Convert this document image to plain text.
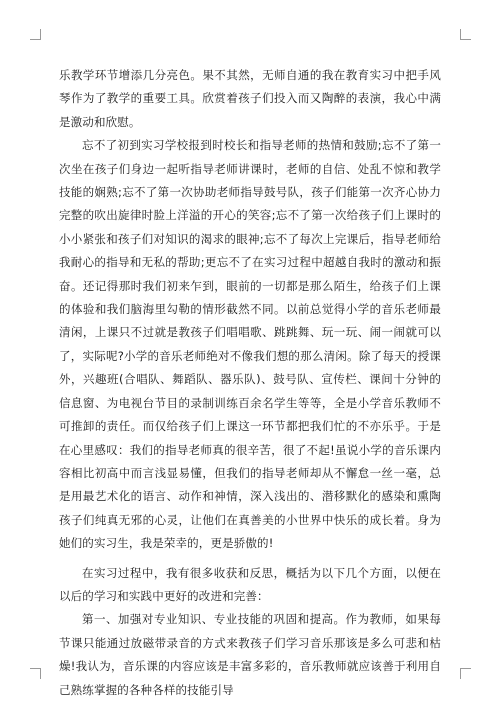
乐教学环节增添几分亮色。果不其然，无师自通的我在教育实习中把手风琴作为了教学的重要工具。欣赏着孩子们投入而又陶醉的表演，我心中满是激动和欣慰。

忘不了初到实习学校报到时校长和指导老师的热情和鼓励;忘不了第一次坐在孩子们身边一起听指导老师讲课时，老师的自信、处乱不惊和教学技能的娴熟;忘不了第一次协助老师指导鼓号队，孩子们能第一次齐心协力完整的吹出旋律时脸上洋溢的开心的笑容;忘不了第一次给孩子们上课时的小小紧张和孩子们对知识的渴求的眼神;忘不了每次上完课后，指导老师给我耐心的指导和无私的帮助;更忘不了在实习过程中超越自我时的激动和振奋。还记得那时我们初来乍到，眼前的一切都是那么陌生，给孩子们上课的体验和我们脑海里勾勒的情形截然不同。以前总觉得小学的音乐老师最清闲，上课只不过就是教孩子们唱唱歌、跳跳舞、玩一玩、闹一闹就可以了，实际呢?小学的音乐老师绝对不像我们想的那么清闲。除了每天的授课外，兴趣班(合唱队、舞蹈队、器乐队)、鼓号队、宣传栏、课间十分钟的信息窗、为电视台节目的录制训练百余名学生等等，全是小学音乐教师不可推卸的责任。而仅给孩子们上课这一环节都把我们忙的不亦乐乎。于是在心里感叹：我们的指导老师真的很辛苦，很了不起!虽说小学的音乐课内容相比初高中而言浅显易懂，但我们的指导老师却从不懈怠一丝一毫，总是用最艺术化的语言、动作和神情，深入浅出的、潜移默化的感染和熏陶孩子们纯真无邪的心灵，让他们在真善美的小世界中快乐的成长着。身为她们的实习生，我是荣幸的，更是骄傲的!

在实习过程中，我有很多收获和反思，概括为以下几个方面，以便在以后的学习和实践中更好的改进和完善：

第一、加强对专业知识、专业技能的巩固和提高。作为教师，如果每节课只能通过放磁带录音的方式来教孩子们学习音乐那该是多么可悲和枯燥!我认为，音乐课的内容应该是丰富多彩的，音乐教师就应该善于利用自己熟练掌握的各种各样的技能引导
